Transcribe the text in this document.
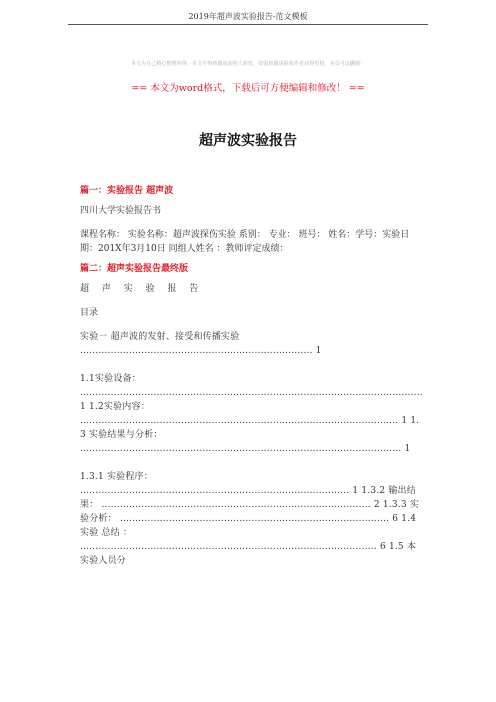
2019年超声波实验报告-范文模板
本文为自己精心整理所得，本文不得转载或向他人转发，如需转载请联系作者获得授权，本页可以删除！
== 本文为word格式，下载后可方便编辑和修改！ ==
超声波实验报告

篇一：实验报告 超声波

四川大学实验报告书

课程名称： 实验名称：超声波探伤实验 系别： 专业： 班号： 姓名：学号：实验日期：201X年3月10日 同组人姓名 ：教师评定成绩：

篇二：超声实验报告最终版

超 声 实 验 报 告

目录

实验一 超声波的发射、接受和传播实验 ............................................................................ 1

1.1实验设备： ................................................................................................................ 1 1.2实验内容： ........................................................................................................ 1 1.3 实验结果与分析： ......................................................................................................... 1

1.3.1 实验程序： ........................................................................................ 1 1.3.2 输出结果： ........................................................................................ 2 1.3.3 实验分析： ........................................................................................ 6 1.4 实验 总结 ： ................................................................................................. 6 1.5 本实验人员分
